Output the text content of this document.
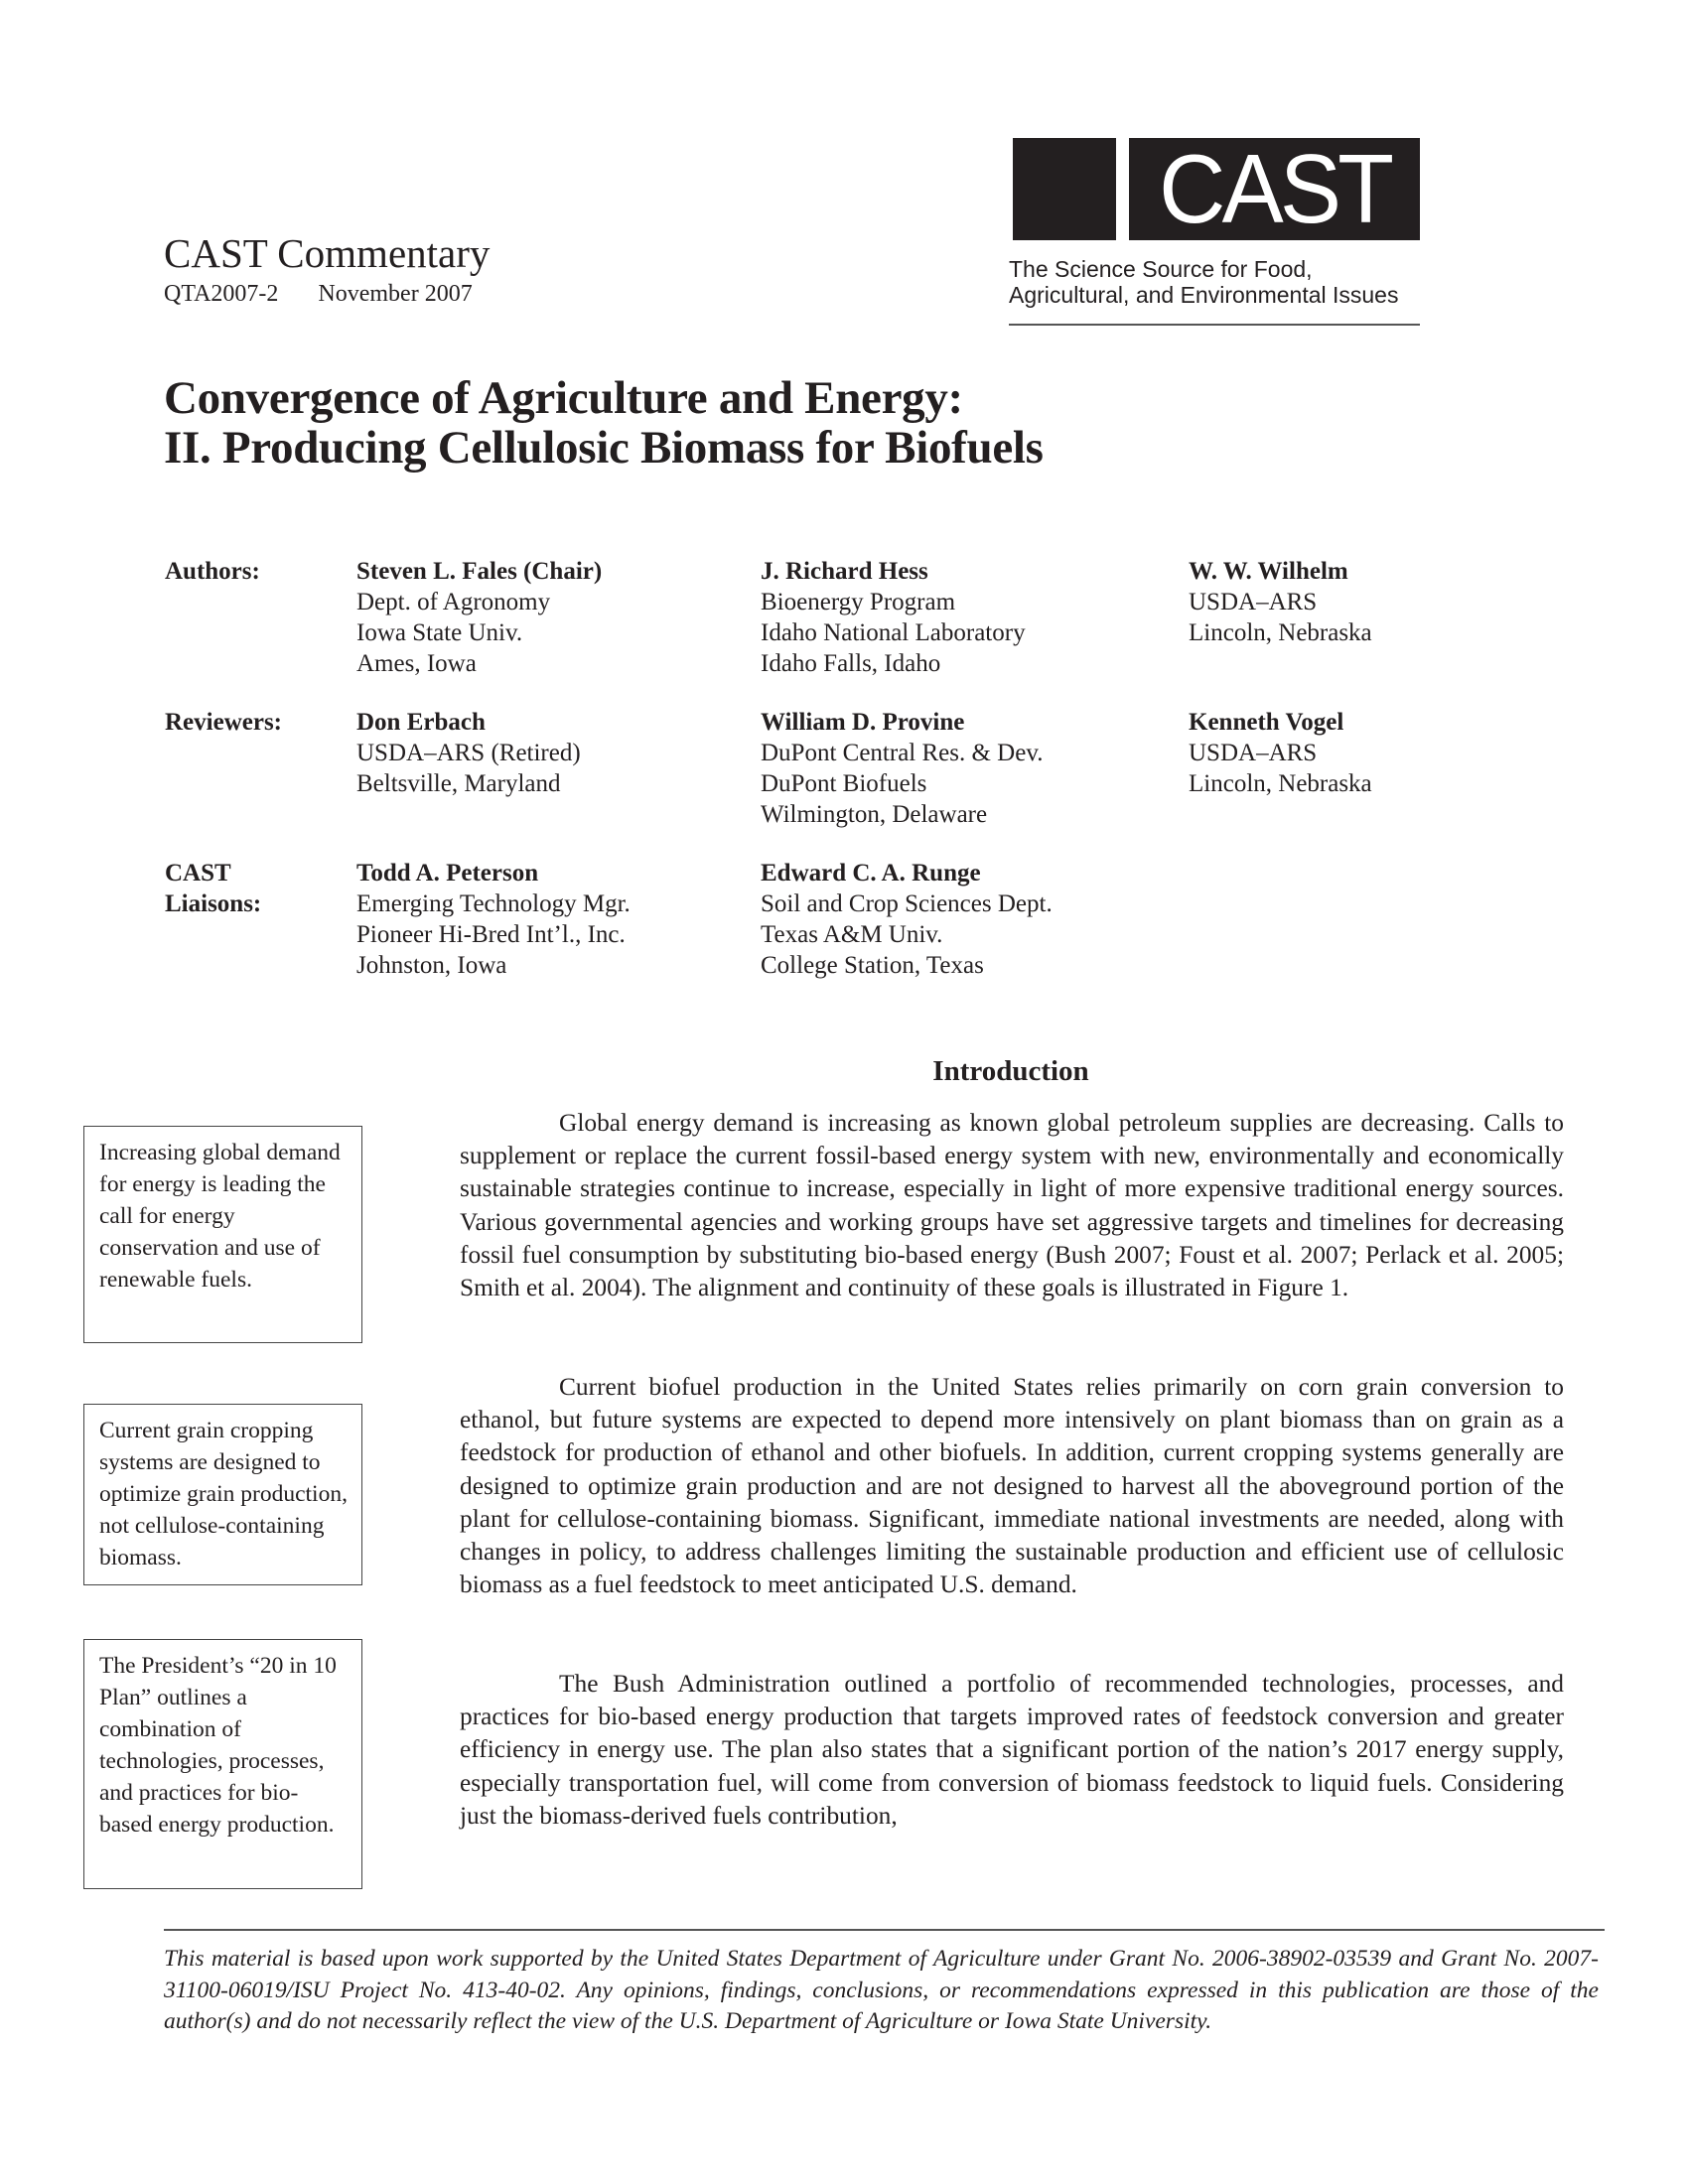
CAST Commentary
QTA2007-2 November 2007
CAST
The Science Source for Food,
Agricultural, and Environmental Issues
Convergence of Agriculture and Energy:
II. Producing Cellulosic Biomass for Biofuels
Authors:	Steven L. Fales (Chair)
Dept. of Agronomy
Iowa State Univ.
Ames, Iowa
J. Richard Hess
Bioenergy Program
Idaho National Laboratory
Idaho Falls, Idaho
W. W. Wilhelm
USDA–ARS
Lincoln, Nebraska
Reviewers:	Don Erbach
USDA–ARS (Retired)
Beltsville, Maryland
William D. Provine
DuPont Central Res. & Dev.
DuPont Biofuels
Wilmington, Delaware
Kenneth Vogel
USDA–ARS
Lincoln, Nebraska
CAST
Liaisons:
Todd A. Peterson
Emerging Technology Mgr.
Pioneer Hi-Bred Int’l., Inc.
Johnston, Iowa
Edward C. A. Runge
Soil and Crop Sciences Dept.
Texas A&M Univ.
College Station, Texas
Introduction

Global energy demand is increasing as known global petroleum supplies are decreasing. Calls to supplement or replace the current fossil-based energy system with new, environmentally and economically sustainable strategies continue to increase, especially in light of more expensive traditional energy sources. Various governmental agencies and working groups have set aggressive targets and timelines for decreasing fossil fuel consumption by substituting bio-based energy (Bush 2007; Foust et al. 2007; Perlack et al. 2005; Smith et al. 2004). The alignment and continuity of these goals is illustrated in Figure 1.

Current biofuel production in the United States relies primarily on corn grain conversion to ethanol, but future systems are expected to depend more intensively on plant biomass than on grain as a feedstock for production of ethanol and other biofuels. In addition, current cropping systems generally are designed to optimize grain production and are not designed to harvest all the aboveground portion of the plant for cellulose-containing biomass. Significant, immediate national investments are needed, along with changes in policy, to address challenges limiting the sustainable production and efficient use of cellulosic biomass as a fuel feedstock to meet anticipated U.S. demand.

The Bush Administration outlined a portfolio of recommended technologies, processes, and practices for bio-based energy production that targets improved rates of feedstock conversion and greater efficiency in energy use. The plan also states that a significant portion of the nation’s 2017 energy supply, especially transportation fuel, will come from conversion of biomass feedstock to liquid fuels. Considering just the biomass-derived fuels contribution,

Increasing global demand for energy is leading the call for energy conservation and use of renewable fuels.
Current grain cropping systems are designed to optimize grain production, not cellulose-containing biomass.
The President’s “20 in 10 Plan” outlines a combination of technologies, processes, and practices for bio-based energy production.

This material is based upon work supported by the United States Department of Agriculture under Grant No. 2006-38902-03539 and Grant No. 2007-31100-06019/ISU Project No. 413-40-02. Any opinions, findings, conclusions, or recommendations expressed in this publication are those of the author(s) and do not necessarily reflect the view of the U.S. Department of Agriculture or Iowa State University.
